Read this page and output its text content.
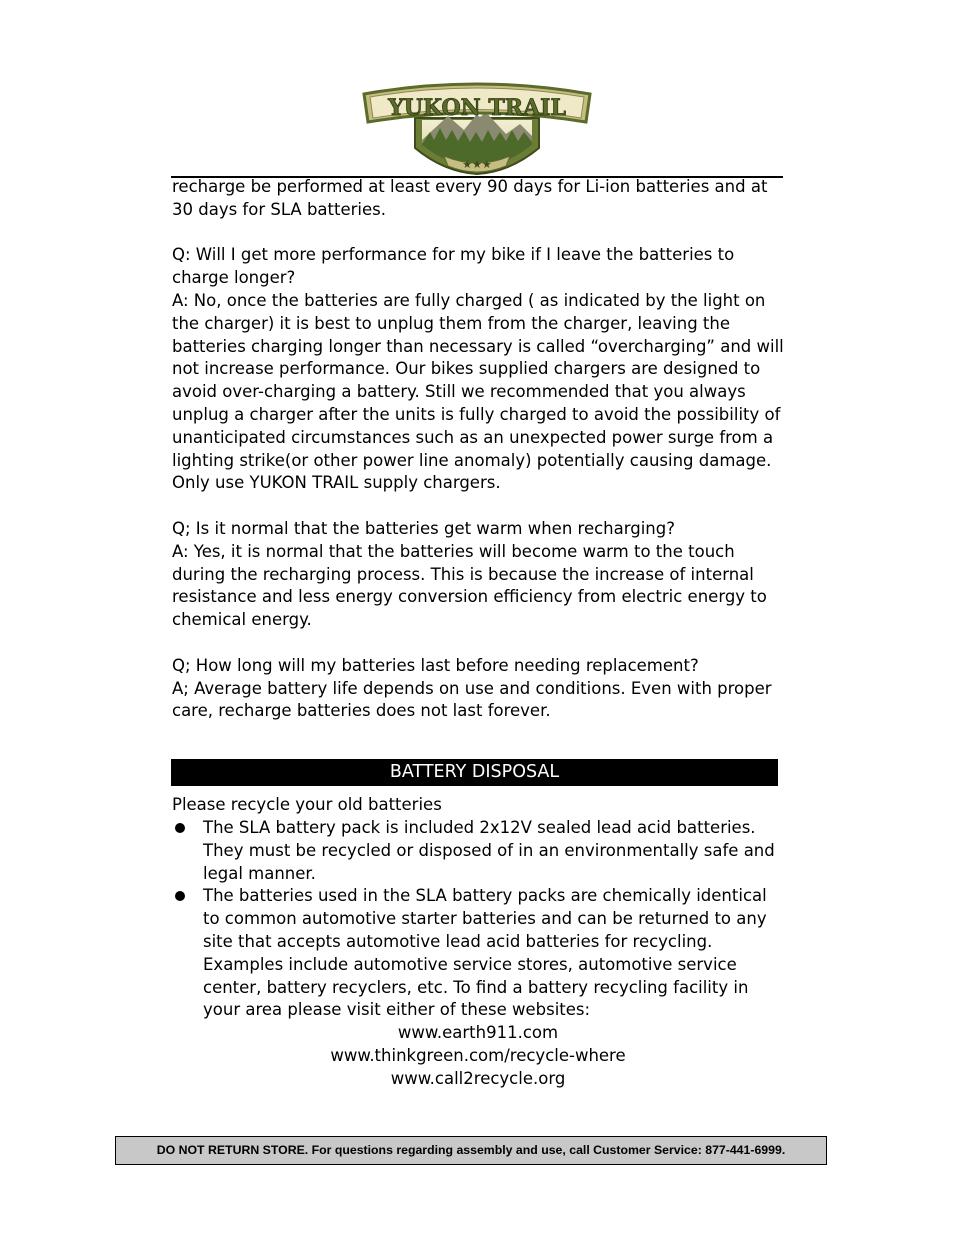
★★★
YUKON TRAIL

recharge be performed at least every 90 days for Li-ion batteries and at 30 days for SLA batteries.

Q: Will I get more performance for my bike if I leave the batteries to charge longer?

A: No, once the batteries are fully charged ( as indicated by the light on the charger) it is best to unplug them from the charger, leaving the batteries charging longer than necessary is called “overcharging” and will not increase performance. Our bikes supplied chargers are designed to avoid over-charging a battery. Still we recommended that you always unplug a charger after the units is fully charged to avoid the possibility of unanticipated circumstances such as an unexpected power surge from a lighting strike(or other power line anomaly) potentially causing damage. Only use YUKON TRAIL supply chargers.

Q; Is it normal that the batteries get warm when recharging?

A: Yes, it is normal that the batteries will become warm to the touch during the recharging process. This is because the increase of internal resistance and less energy conversion efficiency from electric energy to chemical energy.

Q; How long will my batteries last before needing replacement?

A; Average battery life depends on use and conditions. Even with proper care, recharge batteries does not last forever.

BATTERY DISPOSAL

Please recycle your old batteries

The SLA battery pack is included 2x12V sealed lead acid batteries. They must be recycled or disposed of in an environmentally safe and legal manner.
The batteries used in the SLA battery packs are chemically identical to common automotive starter batteries and can be returned to any site that accepts automotive lead acid batteries for recycling. Examples include automotive service stores, automotive service center, battery recyclers, etc. To find a battery recycling facility in your area please visit either of these websites:
www.earth911.com
www.thinkgreen.com/recycle-where
www.call2recycle.org
DO NOT RETURN STORE. For questions regarding assembly and use, call Customer Service: 877-441-6999.
